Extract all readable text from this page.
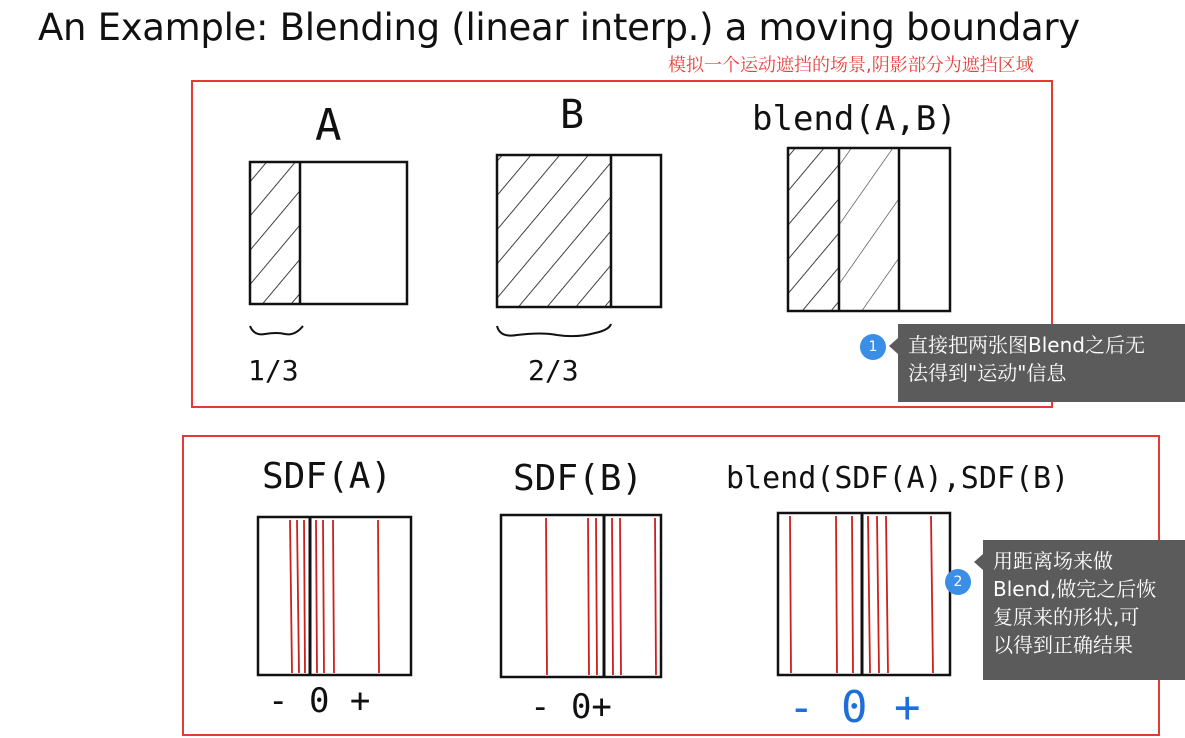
An Example: Blending (linear interp.) a moving boundary
模拟一个运动遮挡的场景,阴影部分为遮挡区域
A	B	blend(A,B)
1/3	2/3
SDF(A)	SDF(B)	blend(SDF(A),SDF(B)
- 0 +	- 0+	- 0 +
1	直接把两张图Blend之后无
法得到"运动"信息
2
用距离场来做
Blend,做完之后恢
复原来的形状,可
以得到正确结果
